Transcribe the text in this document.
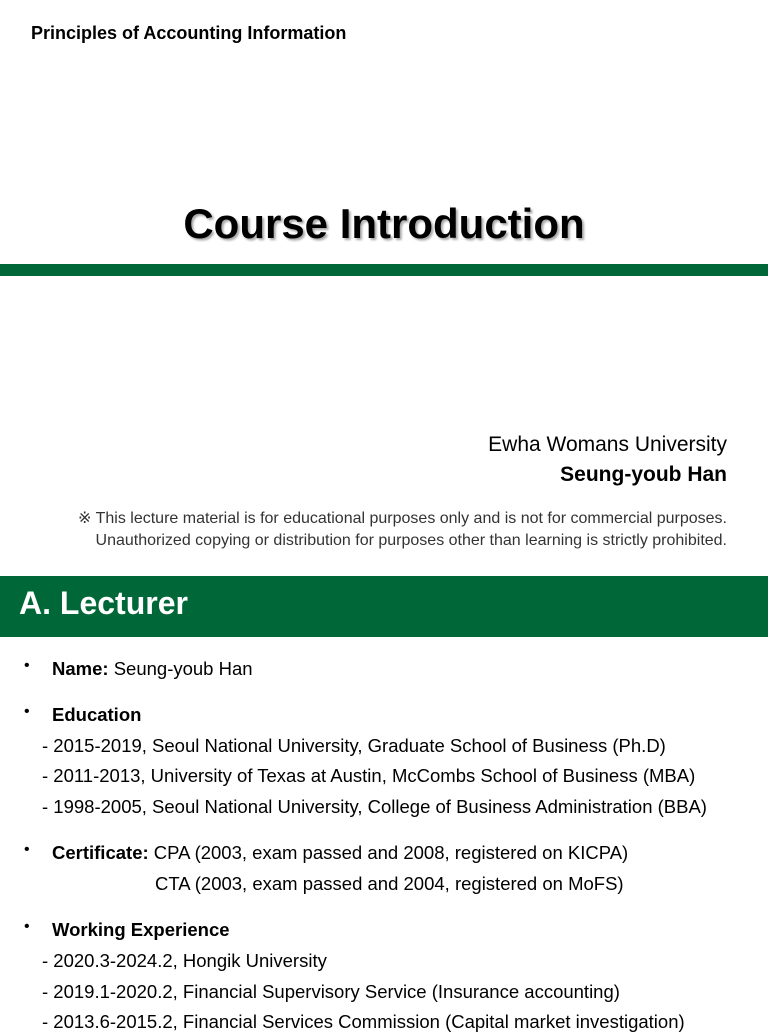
Principles of Accounting Information
Course Introduction
Ewha Womans University
Seung-youb Han
※ This lecture material is for educational purposes only and is not for commercial purposes.
Unauthorized copying or distribution for purposes other than learning is strictly prohibited.
A. Lecturer
• Name: Seung-youb Han
• Education
- 2015-2019, Seoul National University, Graduate School of Business (Ph.D)
- 2011-2013, University of Texas at Austin, McCombs School of Business (MBA)
- 1998-2005, Seoul National University, College of Business Administration (BBA)
• Certificate: CPA (2003, exam passed and 2008, registered on KICPA)
CTA (2003, exam passed and 2004, registered on MoFS)
• Working Experience
- 2020.3-2024.2, Hongik University
- 2019.1-2020.2, Financial Supervisory Service (Insurance accounting)
- 2013.6-2015.2, Financial Services Commission (Capital market investigation)
